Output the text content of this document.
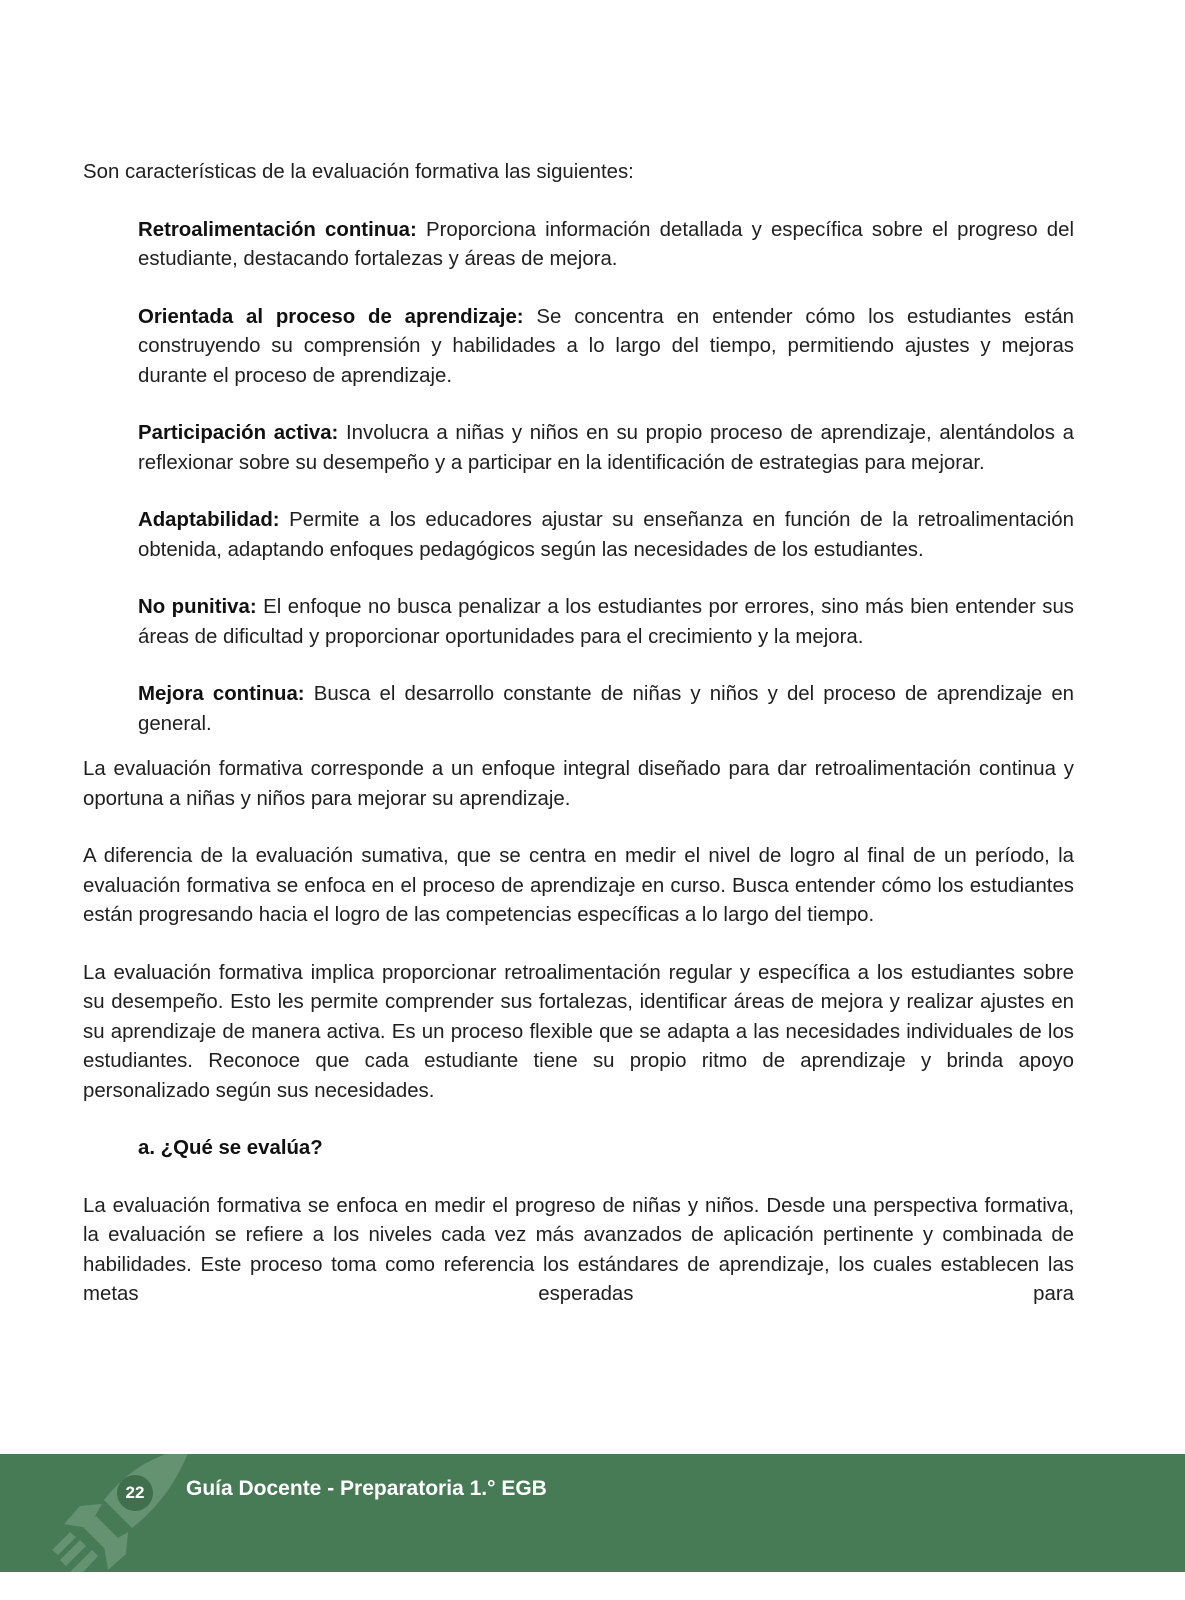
Son características de la evaluación formativa las siguientes:

Retroalimentación continua: Proporciona información detallada y específica sobre el progreso del estudiante, destacando fortalezas y áreas de mejora.

Orientada al proceso de aprendizaje: Se concentra en entender cómo los estudiantes están construyendo su comprensión y habilidades a lo largo del tiempo, permitiendo ajustes y mejoras durante el proceso de aprendizaje.

Participación activa: Involucra a niñas y niños en su propio proceso de aprendizaje, alentándolos a reflexionar sobre su desempeño y a participar en la identificación de estrategias para mejorar.

Adaptabilidad: Permite a los educadores ajustar su enseñanza en función de la retroalimentación obtenida, adaptando enfoques pedagógicos según las necesidades de los estudiantes.

No punitiva: El enfoque no busca penalizar a los estudiantes por errores, sino más bien entender sus áreas de dificultad y proporcionar oportunidades para el crecimiento y la mejora.

Mejora continua: Busca el desarrollo constante de niñas y niños y del proceso de aprendizaje en general.

La evaluación formativa corresponde a un enfoque integral diseñado para dar retroalimentación continua y oportuna a niñas y niños para mejorar su aprendizaje.

A diferencia de la evaluación sumativa, que se centra en medir el nivel de logro al final de un período, la evaluación formativa se enfoca en el proceso de aprendizaje en curso. Busca entender cómo los estudiantes están progresando hacia el logro de las competencias específicas a lo largo del tiempo.

La evaluación formativa implica proporcionar retroalimentación regular y específica a los estudiantes sobre su desempeño. Esto les permite comprender sus fortalezas, identificar áreas de mejora y realizar ajustes en su aprendizaje de manera activa. Es un proceso flexible que se adapta a las necesidades individuales de los estudiantes. Reconoce que cada estudiante tiene su propio ritmo de aprendizaje y brinda apoyo personalizado según sus necesidades.

a. ¿Qué se evalúa?

La evaluación formativa se enfoca en medir el progreso de niñas y niños. Desde una perspectiva formativa, la evaluación se refiere a los niveles cada vez más avanzados de aplicación pertinente y combinada de habilidades. Este proceso toma como referencia los estándares de aprendizaje, los cuales establecen las metas esperadas para

22	Guía Docente - Preparatoria 1.° EGB
